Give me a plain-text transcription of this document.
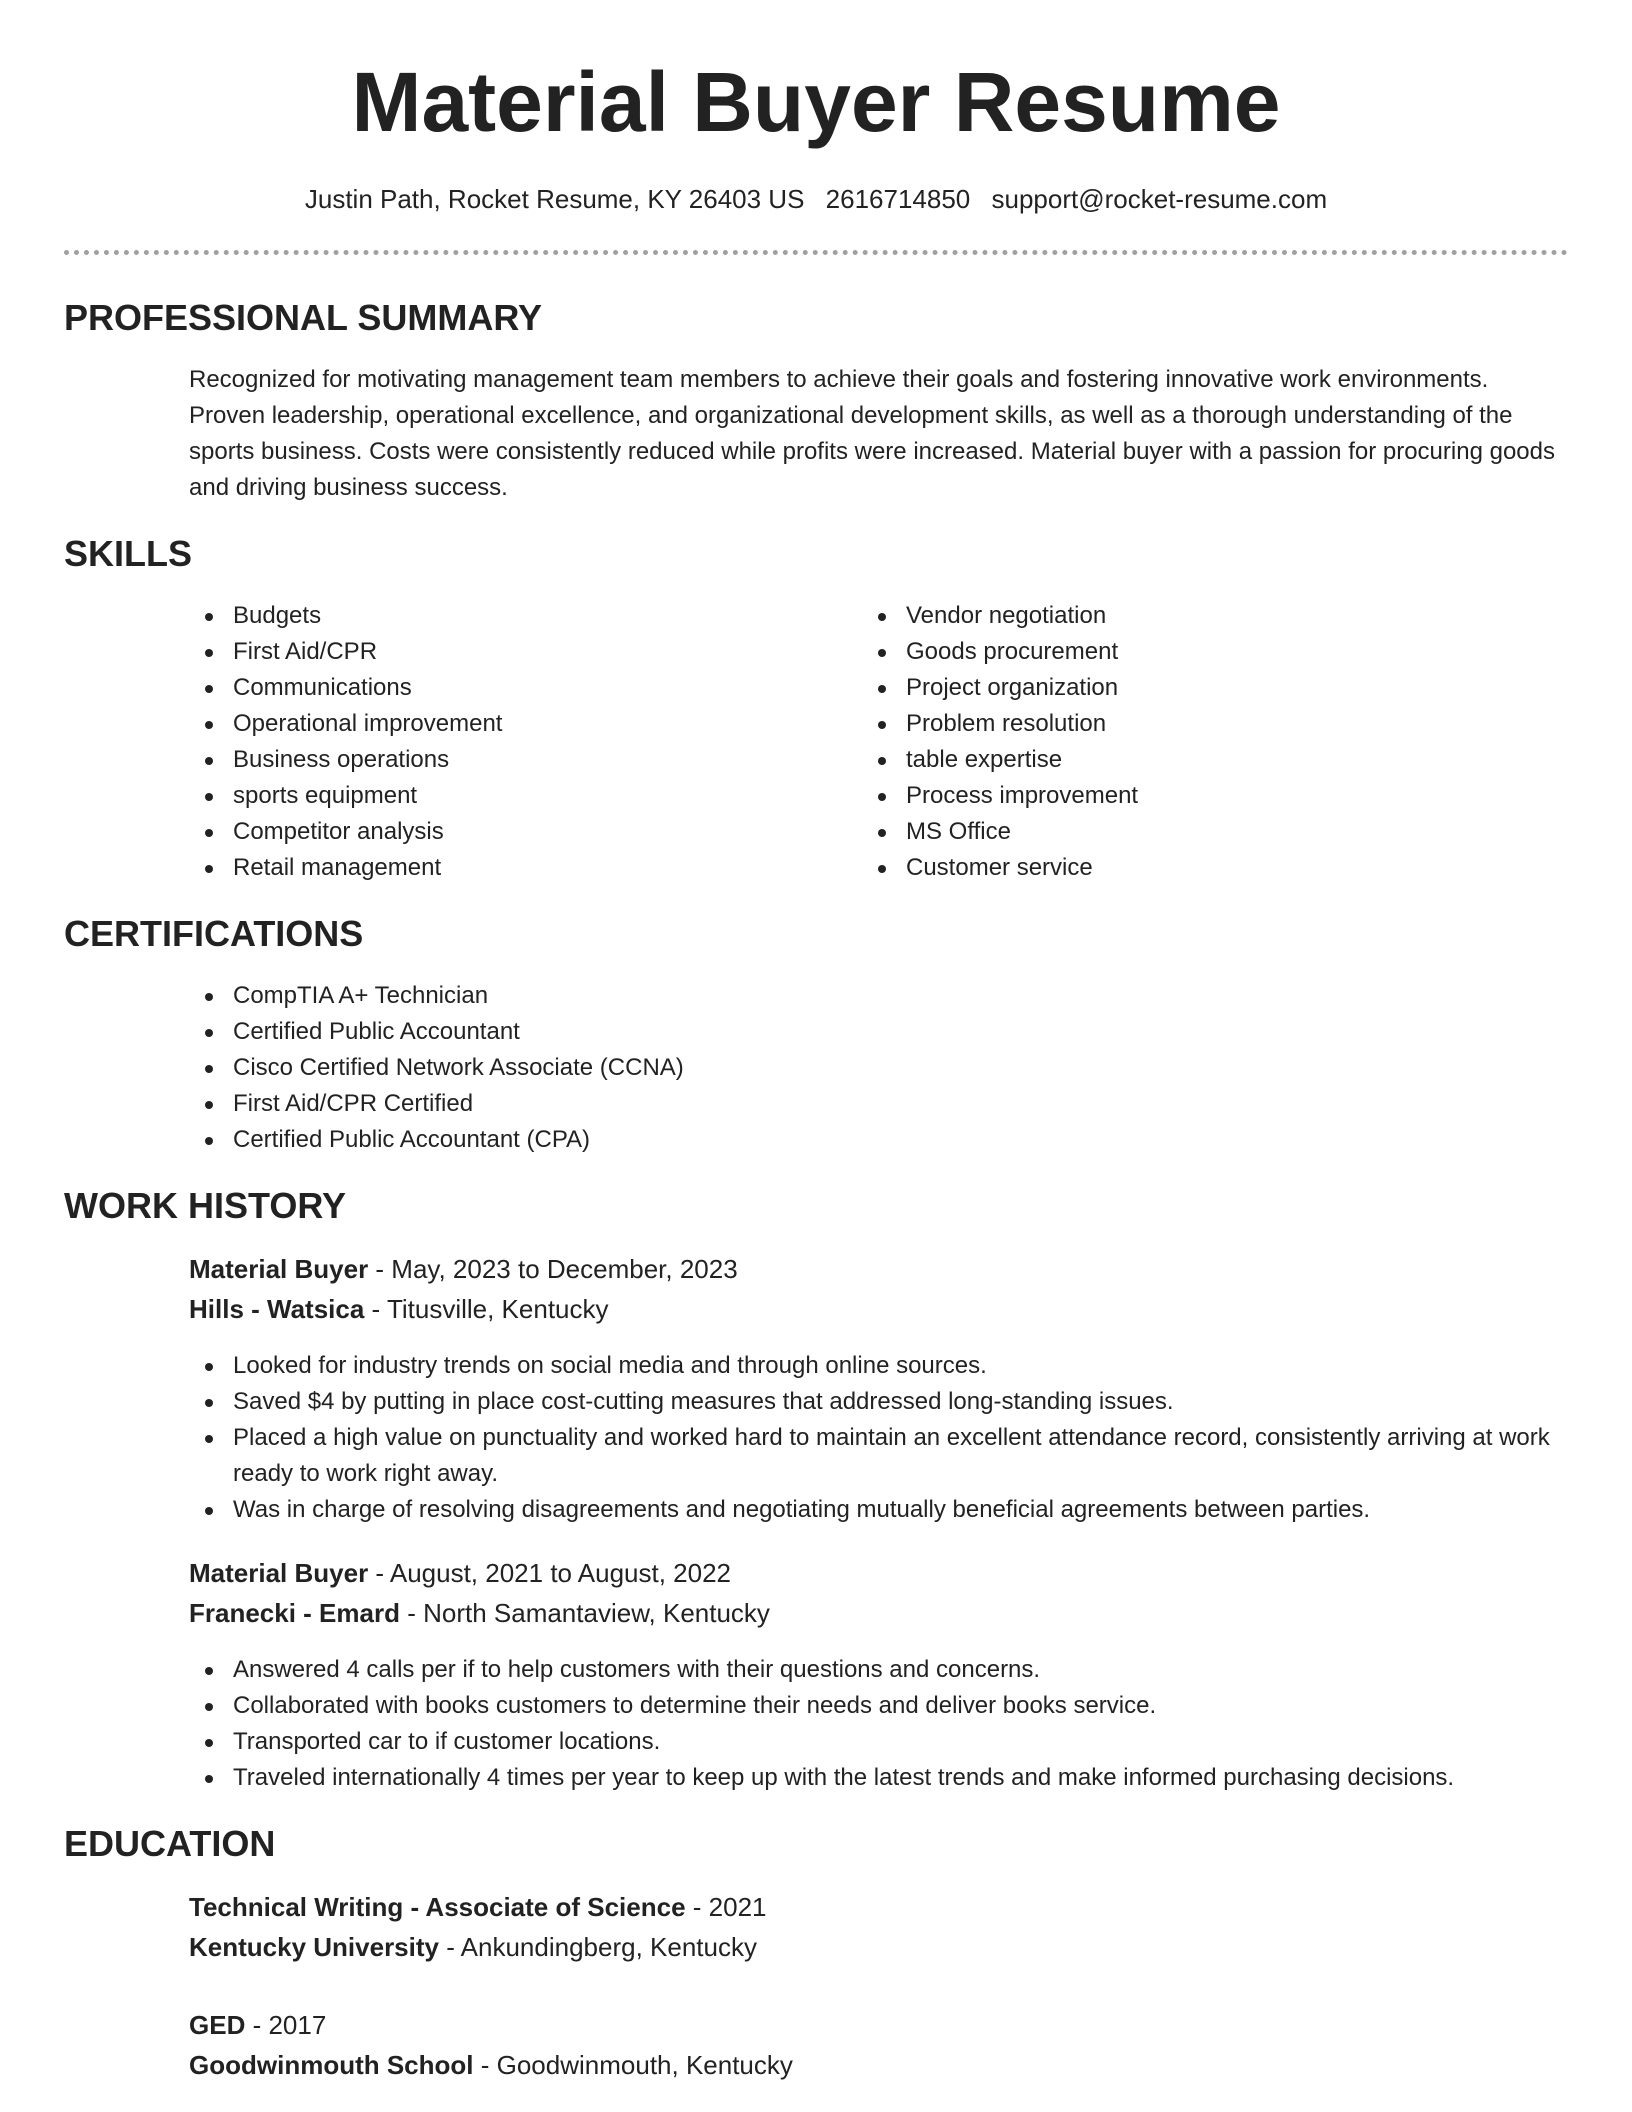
Material Buyer Resume
Justin Path, Rocket Resume, KY 26403 US 2616714850 support@rocket-resume.com
PROFESSIONAL SUMMARY

Recognized for motivating management team members to achieve their goals and fostering innovative work environments. Proven leadership, operational excellence, and organizational development skills, as well as a thorough understanding of the sports business. Costs were consistently reduced while profits were increased. Material buyer with a passion for procuring goods and driving business success.

SKILLS
Budgets
First Aid/CPR
Communications
Operational improvement
Business operations
sports equipment
Competitor analysis
Retail management
Vendor negotiation
Goods procurement
Project organization
Problem resolution
table expertise
Process improvement
MS Office
Customer service
CERTIFICATIONS
CompTIA A+ Technician
Certified Public Accountant
Cisco Certified Network Associate (CCNA)
First Aid/CPR Certified
Certified Public Accountant (CPA)
WORK HISTORY
Material Buyer - May, 2023 to December, 2023
Hills - Watsica - Titusville, Kentucky
Looked for industry trends on social media and through online sources.
Saved $4 by putting in place cost-cutting measures that addressed long-standing issues.
Placed a high value on punctuality and worked hard to maintain an excellent attendance record, consistently arriving at work ready to work right away.
Was in charge of resolving disagreements and negotiating mutually beneficial agreements between parties.
Material Buyer - August, 2021 to August, 2022
Franecki - Emard - North Samantaview, Kentucky
Answered 4 calls per if to help customers with their questions and concerns.
Collaborated with books customers to determine their needs and deliver books service.
Transported car to if customer locations.
Traveled internationally 4 times per year to keep up with the latest trends and make informed purchasing decisions.
EDUCATION
Technical Writing - Associate of Science - 2021
Kentucky University - Ankundingberg, Kentucky
GED - 2017
Goodwinmouth School - Goodwinmouth, Kentucky
